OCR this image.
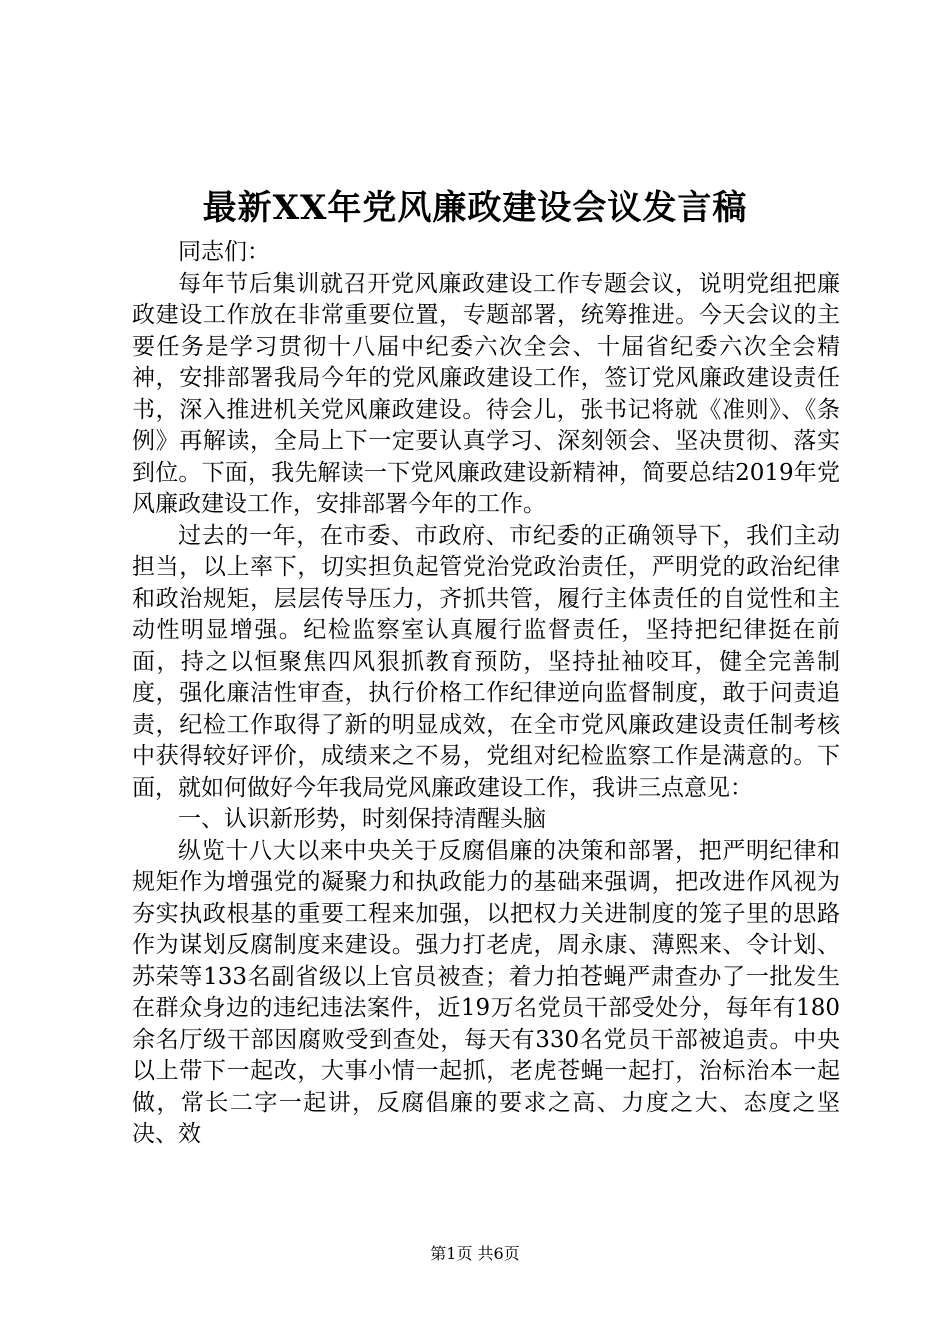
最新XX年党风廉政建设会议发言稿

同志们：

每年节后集训就召开党风廉政建设工作专题会议，说明党组把廉政建设工作放在非常重要位置，专题部署，统筹推进。今天会议的主要任务是学习贯彻十八届中纪委六次全会、十届省纪委六次全会精神，安排部署我局今年的党风廉政建设工作，签订党风廉政建设责任书，深入推进机关党风廉政建设。待会儿，张书记将就《准则》、《条例》再解读，全局上下一定要认真学习、深刻领会、坚决贯彻、落实到位。下面，我先解读一下党风廉政建设新精神，简要总结2019年党风廉政建设工作，安排部署今年的工作。

过去的一年，在市委、市政府、市纪委的正确领导下，我们主动担当，以上率下，切实担负起管党治党政治责任，严明党的政治纪律和政治规矩，层层传导压力，齐抓共管，履行主体责任的自觉性和主动性明显增强。纪检监察室认真履行监督责任，坚持把纪律挺在前面，持之以恒聚焦四风狠抓教育预防，坚持扯袖咬耳，健全完善制度，强化廉洁性审查，执行价格工作纪律逆向监督制度，敢于问责追责，纪检工作取得了新的明显成效，在全市党风廉政建设责任制考核中获得较好评价，成绩来之不易，党组对纪检监察工作是满意的。下面，就如何做好今年我局党风廉政建设工作，我讲三点意见：

一、认识新形势，时刻保持清醒头脑

纵览十八大以来中央关于反腐倡廉的决策和部署，把严明纪律和规矩作为增强党的凝聚力和执政能力的基础来强调，把改进作风视为夯实执政根基的重要工程来加强，以把权力关进制度的笼子里的思路作为谋划反腐制度来建设。强力打老虎，周永康、薄熙来、令计划、苏荣等133名副省级以上官员被查；着力拍苍蝇严肃查办了一批发生在群众身边的违纪违法案件，近19万名党员干部受处分，每年有180余名厅级干部因腐败受到查处，每天有330名党员干部被追责。中央以上带下一起改，大事小情一起抓，老虎苍蝇一起打，治标治本一起做，常长二字一起讲，反腐倡廉的要求之高、力度之大、态度之坚决、效

第1页 共6页
